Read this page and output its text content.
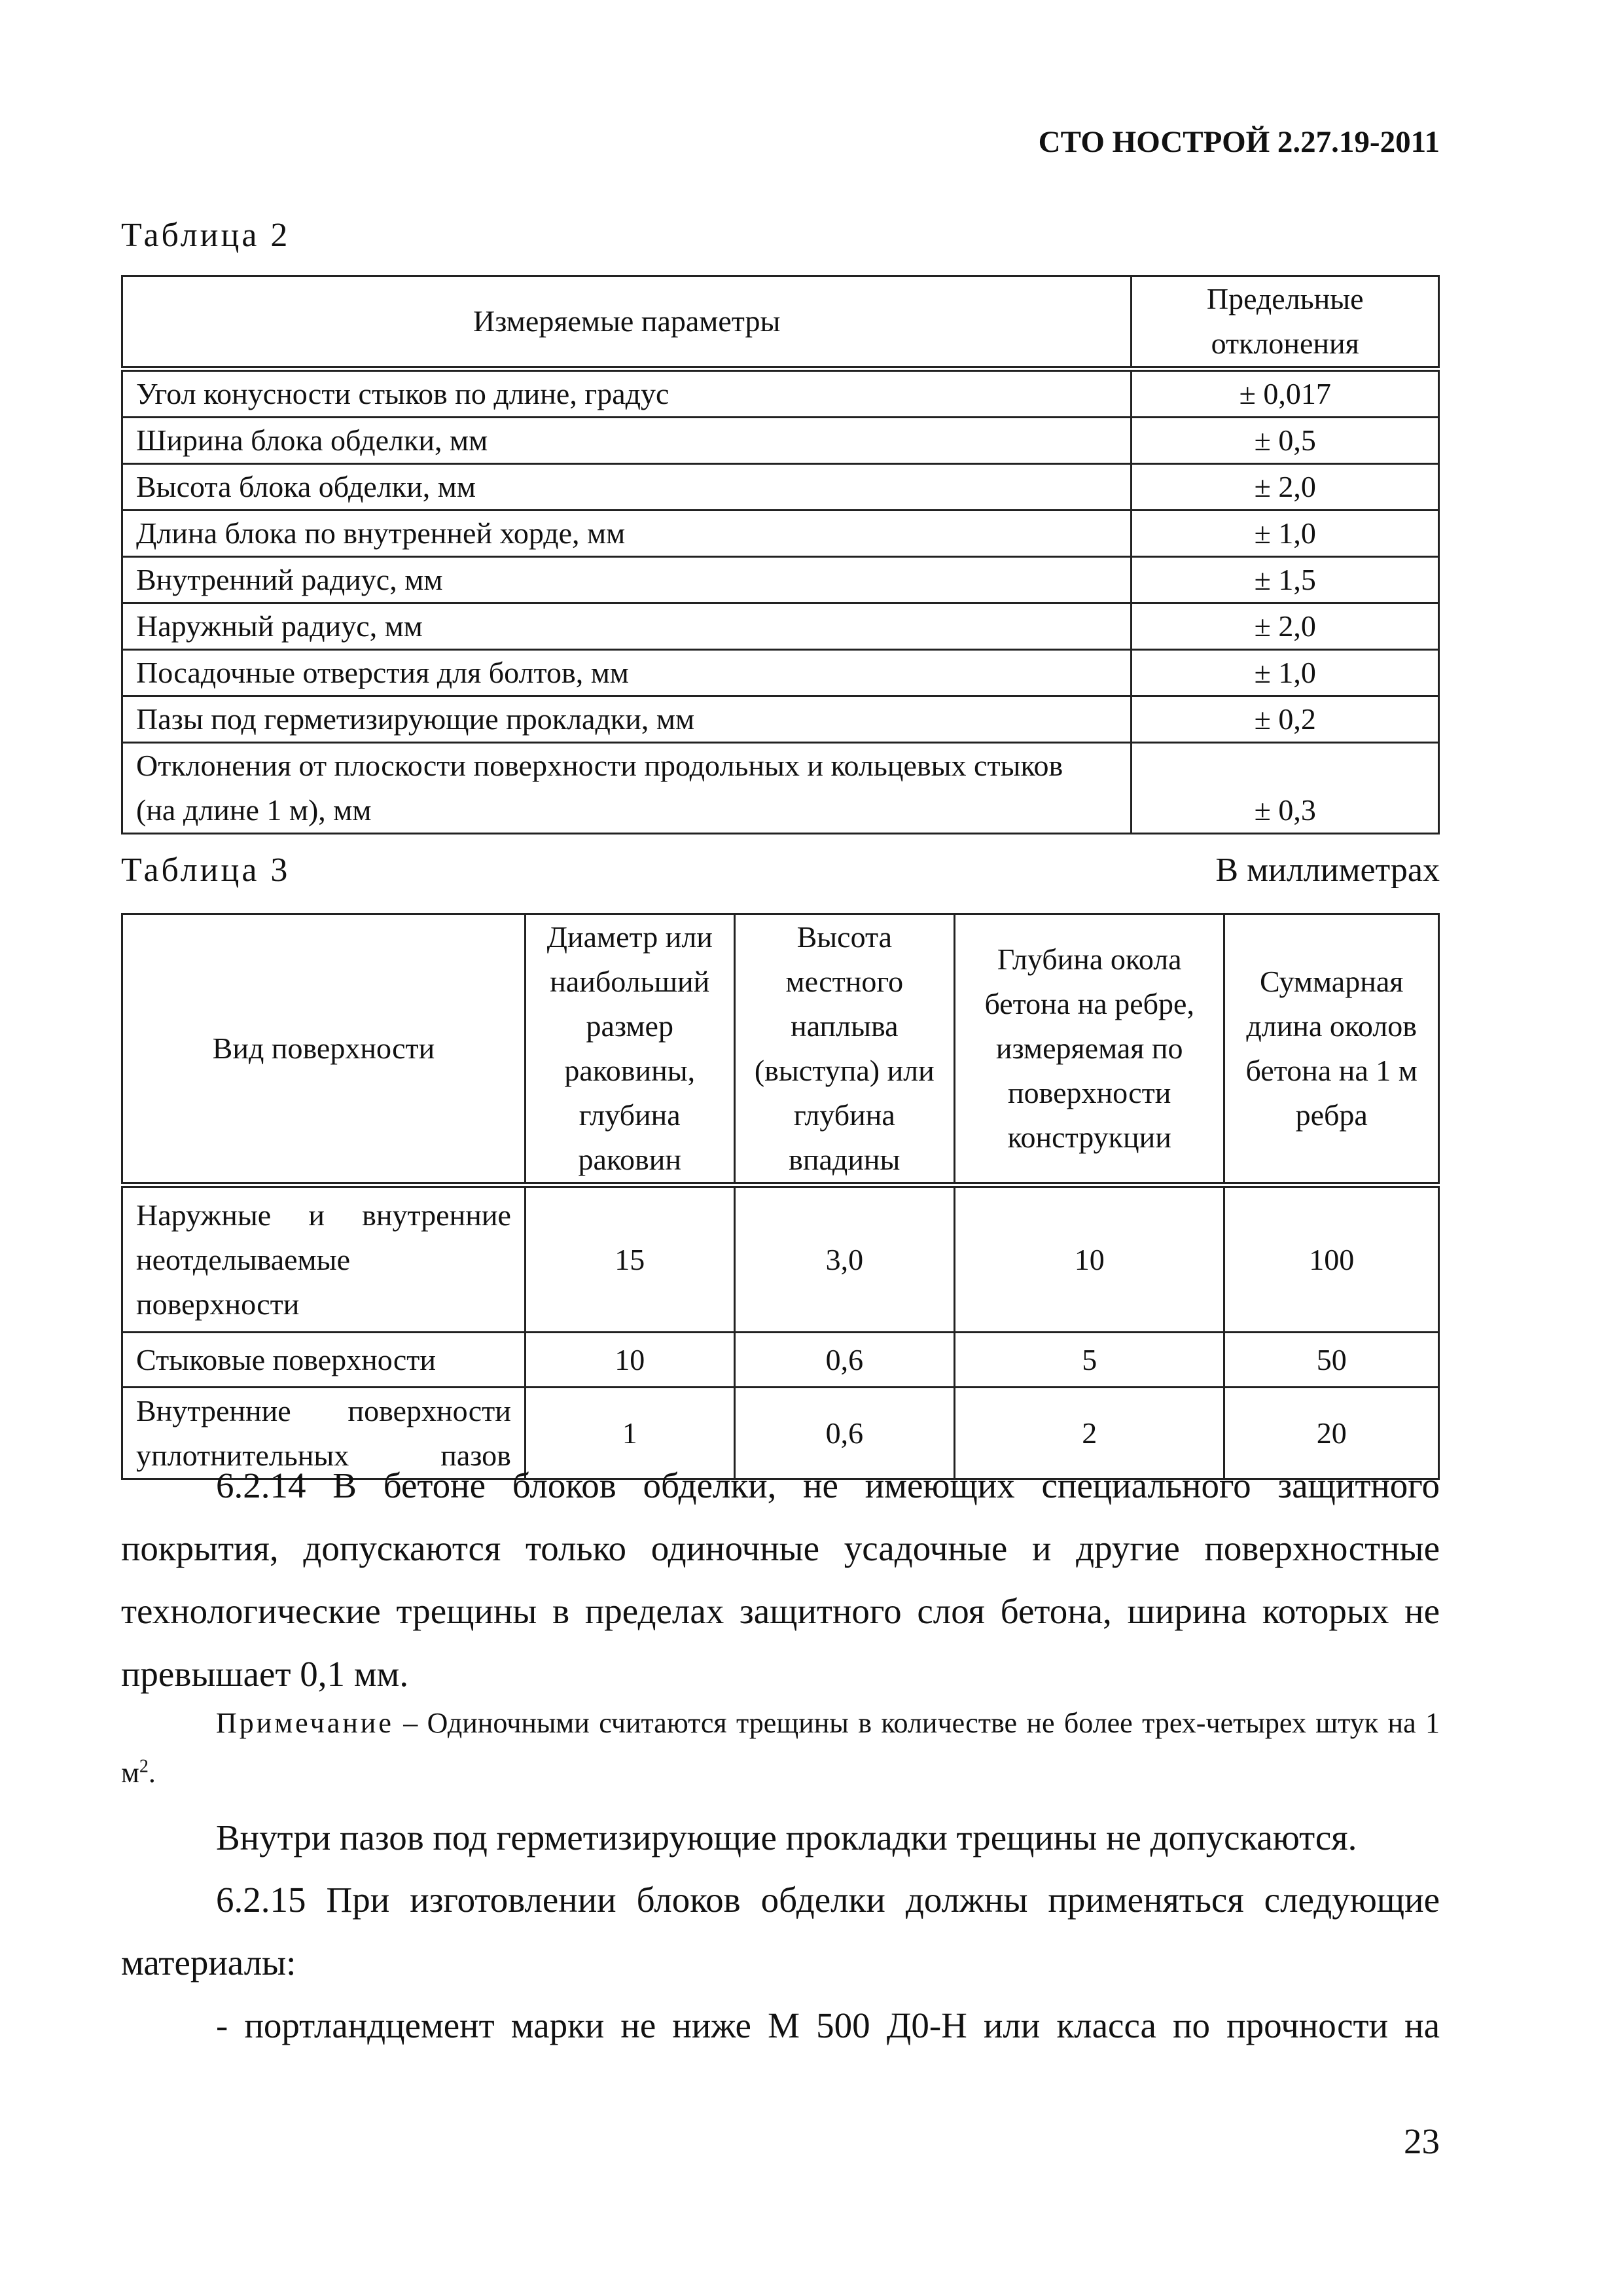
СТО НОСТРОЙ 2.27.19-2011
Таблица 2
Измеряемые параметры	Предельные отклонения
Угол конусности стыков по длине, градус	± 0,017
Ширина блока обделки, мм	± 0,5
Высота блока обделки, мм	± 2,0
Длина блока по внутренней хорде, мм	± 1,0
Внутренний радиус, мм	± 1,5
Наружный радиус, мм	± 2,0
Посадочные отверстия для болтов, мм	± 1,0
Пазы под герметизирующие прокладки, мм	± 0,2

Отклонения от плоскости поверхности продольных и кольцевых стыков
(на длине 1 м), мм	± 0,3
Таблица 3	В миллиметрах
Вид поверхности	Диаметр или наибольший размер раковины, глубина раковин	Высота местного наплыва (выступа) или глубина впадины	Глубина окола бетона на ребре, измеряемая по поверхности конструкции	Суммарная длина околов бетона на 1 м ребра
Наружные и внутренние неотделываемые поверхности	15	3,0	10	100
Стыковые поверхности	10	0,6	5	50
Внутренние поверхности уплотнительных пазов	1	0,6	2	20

6.2.14 В бетоне блоков обделки, не имеющих специального защитного покрытия, допускаются только одиночные усадочные и другие поверхностные технологические трещины в пределах защитного слоя бетона, ширина которых не превышает 0,1 мм.

Примечание – Одиночными считаются трещины в количестве не более трех-четырех штук на 1 $м^2$.

Внутри пазов под герметизирующие прокладки трещины не допускаются.

6.2.15 При изготовлении блоков обделки должны применяться следующие материалы:

- портландцемент марки не ниже М 500 Д0-Н или класса по прочности на

23
